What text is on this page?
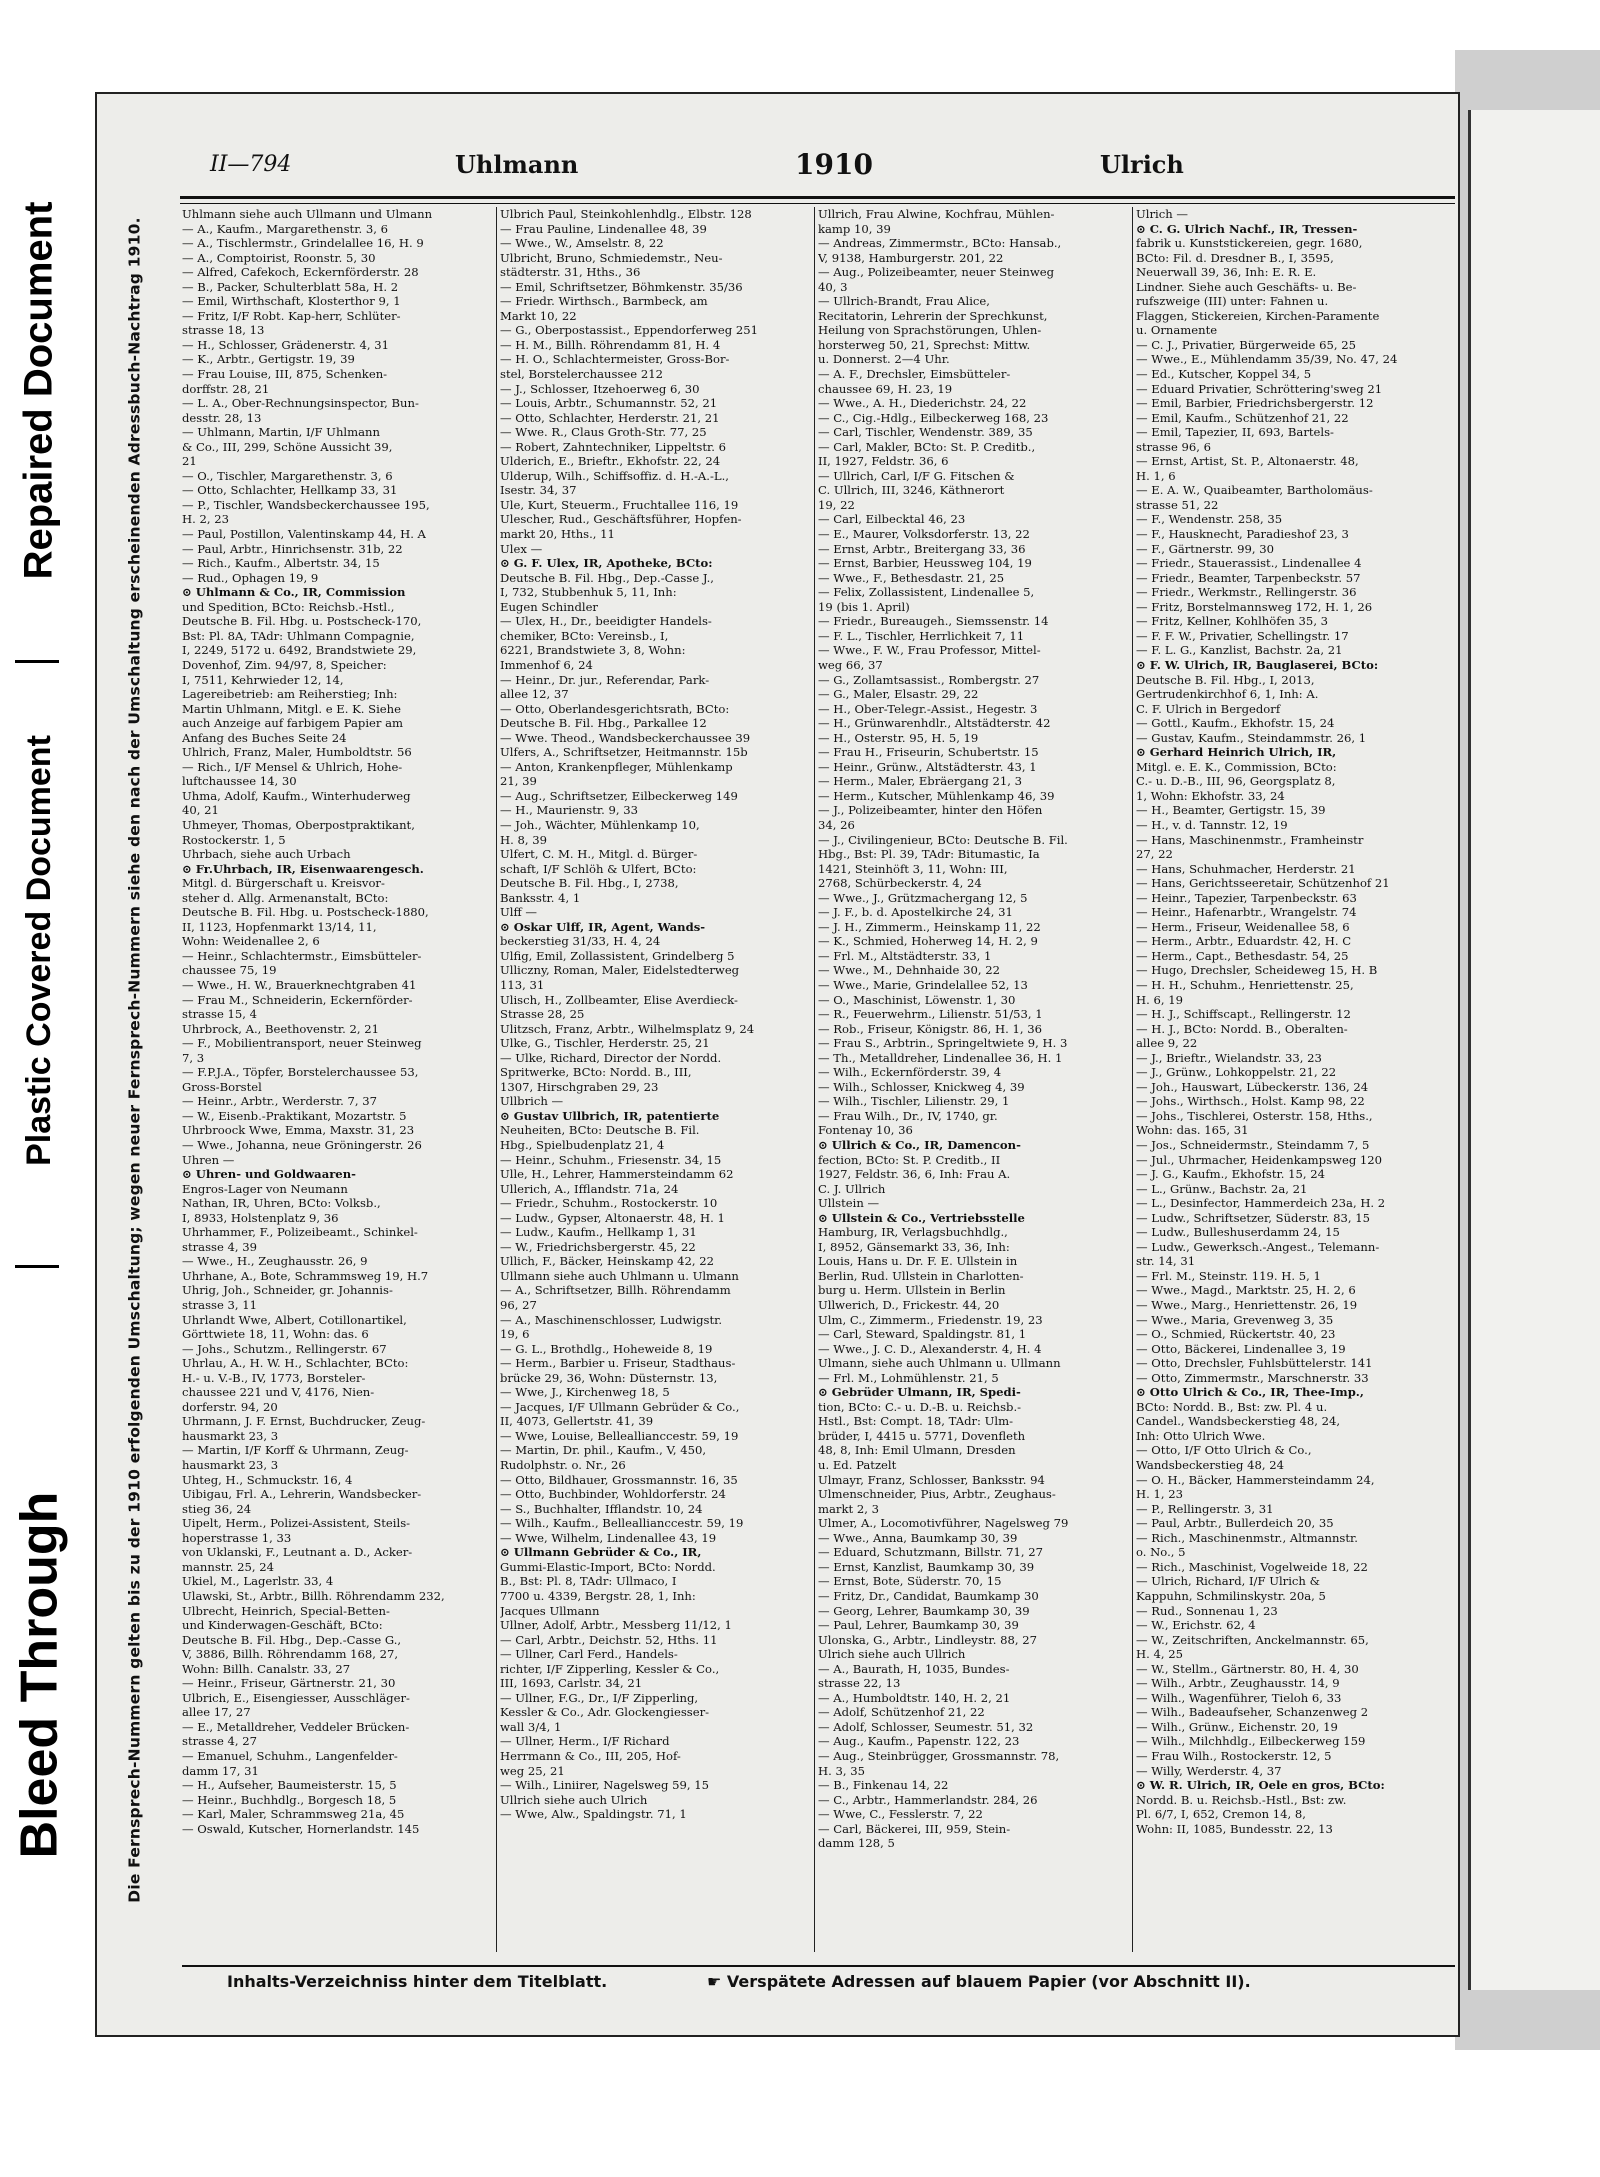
Bleed Through
Plastic Covered Document
Repaired Document
II—794	Uhlmann	1910	Ulrich
Die Fernsprech-Nummern gelten bis zu der 1910 erfolgenden Umschaltung; wegen neuer Fernsprech-Nummern siehe den nach der Umschaltung erscheinenden Adressbuch-Nachtrag 1910.

Uhlmann siehe auch Ullmann und Ulmann

— A., Kaufm., Margarethenstr. 3, 6

— A., Tischlermstr., Grindelallee 16, H. 9

— A., Comptoirist, Roonstr. 5, 30

— Alfred, Cafekoch, Eckernförderstr. 28

— B., Packer, Schulterblatt 58a, H. 2

— Emil, Wirthschaft, Klosterthor 9, 1

— Fritz, I/F Robt. Kap-herr, Schlüter-

strasse 18, 13

— H., Schlosser, Grädenerstr. 4, 31

— K., Arbtr., Gertigstr. 19, 39

— Frau Louise, III, 875, Schenken-

dorffstr. 28, 21

— L. A., Ober-Rechnungsinspector, Bun-

desstr. 28, 13

— Uhlmann, Martin, I/F Uhlmann

& Co., III, 299, Schöne Aussicht 39,

21

— O., Tischler, Margarethenstr. 3, 6

— Otto, Schlachter, Hellkamp 33, 31

— P., Tischler, Wandsbeckerchaussee 195,

H. 2, 23

— Paul, Postillon, Valentinskamp 44, H. A

— Paul, Arbtr., Hinrichsenstr. 31b, 22

— Rich., Kaufm., Albertstr. 34, 15

— Rud., Ophagen 19, 9

⊙ Uhlmann & Co., IR, Commission

und Spedition, BCto: Reichsb.-Hstl.,

Deutsche B. Fil. Hbg. u. Postscheck-170,

Bst: Pl. 8A, TAdr: Uhlmann Compagnie,

I, 2249, 5172 u. 6492, Brandstwiete 29,

Dovenhof, Zim. 94/97, 8, Speicher:

I, 7511, Kehrwieder 12, 14,

Lagereibetrieb: am Reiherstieg; Inh:

Martin Uhlmann, Mitgl. e E. K. Siehe

auch Anzeige auf farbigem Papier am

Anfang des Buches Seite 24

Uhlrich, Franz, Maler, Humboldtstr. 56

— Rich., I/F Mensel & Uhlrich, Hohe-

luftchaussee 14, 30

Uhma, Adolf, Kaufm., Winterhuderweg

40, 21

Uhmeyer, Thomas, Oberpostpraktikant,

Rostockerstr. 1, 5

Uhrbach, siehe auch Urbach

⊙ Fr.Uhrbach, IR, Eisenwaarengesch.

Mitgl. d. Bürgerschaft u. Kreisvor-

steher d. Allg. Armenanstalt, BCto:

Deutsche B. Fil. Hbg. u. Postscheck-1880,

II, 1123, Hopfenmarkt 13/14, 11,

Wohn: Weidenallee 2, 6

— Heinr., Schlachtermstr., Eimsbütteler-

chaussee 75, 19

— Wwe., H. W., Brauerknechtgraben 41

— Frau M., Schneiderin, Eckernförder-

strasse 15, 4

Uhrbrock, A., Beethovenstr. 2, 21

— F., Mobilientransport, neuer Steinweg

7, 3

— F.P.J.A., Töpfer, Borstelerchaussee 53,

Gross-Borstel

— Heinr., Arbtr., Werderstr. 7, 37

— W., Eisenb.-Praktikant, Mozartstr. 5

Uhrbroock Wwe, Emma, Maxstr. 31, 23

— Wwe., Johanna, neue Gröningerstr. 26

Uhren —

⊙ Uhren- und Goldwaaren-

Engros-Lager von Neumann

Nathan, IR, Uhren, BCto: Volksb.,

I, 8933, Holstenplatz 9, 36

Uhrhammer, F., Polizeibeamt., Schinkel-

strasse 4, 39

— Wwe., H., Zeughausstr. 26, 9

Uhrhane, A., Bote, Schrammsweg 19, H.7

Uhrig, Joh., Schneider, gr. Johannis-

strasse 3, 11

Uhrlandt Wwe, Albert, Cotillonartikel,

Görttwiete 18, 11, Wohn: das. 6

— Johs., Schutzm., Rellingerstr. 67

Uhrlau, A., H. W. H., Schlachter, BCto:

H.- u. V.-B., IV, 1773, Borsteler-

chaussee 221 und V, 4176, Nien-

dorferstr. 94, 20

Uhrmann, J. F. Ernst, Buchdrucker, Zeug-

hausmarkt 23, 3

— Martin, I/F Korff & Uhrmann, Zeug-

hausmarkt 23, 3

Uhteg, H., Schmuckstr. 16, 4

Uibigau, Frl. A., Lehrerin, Wandsbecker-

stieg 36, 24

Uipelt, Herm., Polizei-Assistent, Steils-

hoperstrasse 1, 33

von Uklanski, F., Leutnant a. D., Acker-

mannstr. 25, 24

Ukiel, M., Lagerlstr. 33, 4

Ulawski, St., Arbtr., Billh. Röhrendamm 232,

Ulbrecht, Heinrich, Special-Betten-

und Kinderwagen-Geschäft, BCto:

Deutsche B. Fil. Hbg., Dep.-Casse G.,

V, 3886, Billh. Röhrendamm 168, 27,

Wohn: Billh. Canalstr. 33, 27

— Heinr., Friseur, Gärtnerstr. 21, 30

Ulbrich, E., Eisengiesser, Ausschläger-

allee 17, 27

— E., Metalldreher, Veddeler Brücken-

strasse 4, 27

— Emanuel, Schuhm., Langenfelder-

damm 17, 31

— H., Aufseher, Baumeisterstr. 15, 5

— Heinr., Buchhdlg., Borgesch 18, 5

— Karl, Maler, Schrammsweg 21a, 45

— Oswald, Kutscher, Hornerlandstr. 145

Ulbrich Paul, Steinkohlenhdlg., Elbstr. 128

— Frau Pauline, Lindenallee 48, 39

— Wwe., W., Amselstr. 8, 22

Ulbricht, Bruno, Schmiedemstr., Neu-

städterstr. 31, Hths., 36

— Emil, Schriftsetzer, Böhmkenstr. 35/36

— Friedr. Wirthsch., Barmbeck, am

Markt 10, 22

— G., Oberpostassist., Eppendorferweg 251

— H. M., Billh. Röhrendamm 81, H. 4

— H. O., Schlachtermeister, Gross-Bor-

stel, Borstelerchaussee 212

— J., Schlosser, Itzehoerweg 6, 30

— Louis, Arbtr., Schumannstr. 52, 21

— Otto, Schlachter, Herderstr. 21, 21

— Wwe. R., Claus Groth-Str. 77, 25

— Robert, Zahntechniker, Lippeltstr. 6

Ulderich, E., Brieftr., Ekhofstr. 22, 24

Ulderup, Wilh., Schiffsoffiz. d. H.-A.-L.,

Isestr. 34, 37

Ule, Kurt, Steuerm., Fruchtallee 116, 19

Ulescher, Rud., Geschäftsführer, Hopfen-

markt 20, Hths., 11

Ulex —

⊙ G. F. Ulex, IR, Apotheke, BCto:

Deutsche B. Fil. Hbg., Dep.-Casse J.,

I, 732, Stubbenhuk 5, 11, Inh:

Eugen Schindler

— Ulex, H., Dr., beeidigter Handels-

chemiker, BCto: Vereinsb., I,

6221, Brandstwiete 3, 8, Wohn:

Immenhof 6, 24

— Heinr., Dr. jur., Referendar, Park-

allee 12, 37

— Otto, Oberlandesgerichtsrath, BCto:

Deutsche B. Fil. Hbg., Parkallee 12

— Wwe. Theod., Wandsbeckerchaussee 39

Ulfers, A., Schriftsetzer, Heitmannstr. 15b

— Anton, Krankenpfleger, Mühlenkamp

21, 39

— Aug., Schriftsetzer, Eilbeckerweg 149

— H., Maurienstr. 9, 33

— Joh., Wächter, Mühlenkamp 10,

H. 8, 39

Ulfert, C. M. H., Mitgl. d. Bürger-

schaft, I/F Schlöh & Ulfert, BCto:

Deutsche B. Fil. Hbg., I, 2738,

Banksstr. 4, 1

Ulff —

⊙ Oskar Ulff, IR, Agent, Wands-

beckerstieg 31/33, H. 4, 24

Ulfig, Emil, Zollassistent, Grindelberg 5

Ulliczny, Roman, Maler, Eidelstedterweg

113, 31

Ulisch, H., Zollbeamter, Elise Averdieck-

Strasse 28, 25

Ulitzsch, Franz, Arbtr., Wilhelmsplatz 9, 24

Ulke, G., Tischler, Herderstr. 25, 21

— Ulke, Richard, Director der Nordd.

Spritwerke, BCto: Nordd. B., III,

1307, Hirschgraben 29, 23

Ullbrich —

⊙ Gustav Ullbrich, IR, patentierte

Neuheiten, BCto: Deutsche B. Fil.

Hbg., Spielbudenplatz 21, 4

— Heinr., Schuhm., Friesenstr. 34, 15

Ulle, H., Lehrer, Hammersteindamm 62

Ullerich, A., Ifflandstr. 71a, 24

— Friedr., Schuhm., Rostockerstr. 10

— Ludw., Gypser, Altonaerstr. 48, H. 1

— Ludw., Kaufm., Hellkamp 1, 31

— W., Friedrichsbergerstr. 45, 22

Ullich, F., Bäcker, Heinskamp 42, 22

Ullmann siehe auch Uhlmann u. Ulmann

— A., Schriftsetzer, Billh. Röhrendamm

96, 27

— A., Maschinenschlosser, Ludwigstr.

19, 6

— G. L., Brothdlg., Hoheweide 8, 19

— Herm., Barbier u. Friseur, Stadthaus-

brücke 29, 36, Wohn: Düsternstr. 13,

— Wwe, J., Kirchenweg 18, 5

— Jacques, I/F Ullmann Gebrüder & Co.,

II, 4073, Gellertstr. 41, 39

— Wwe, Louise, Belleallianccestr. 59, 19

— Martin, Dr. phil., Kaufm., V, 450,

Rudolphstr. o. Nr., 26

— Otto, Bildhauer, Grossmannstr. 16, 35

— Otto, Buchbinder, Wohldorferstr. 24

— S., Buchhalter, Ifflandstr. 10, 24

— Wilh., Kaufm., Belleallianccestr. 59, 19

— Wwe, Wilhelm, Lindenallee 43, 19

⊙ Ullmann Gebrüder & Co., IR,

Gummi-Elastic-Import, BCto: Nordd.

B., Bst: Pl. 8, TAdr: Ullmaco, I

7700 u. 4339, Bergstr. 28, 1, Inh:

Jacques Ullmann

Ullner, Adolf, Arbtr., Messberg 11/12, 1

— Carl, Arbtr., Deichstr. 52, Hths. 11

— Ullner, Carl Ferd., Handels-

richter, I/F Zipperling, Kessler & Co.,

III, 1693, Carlstr. 34, 21

— Ullner, F.G., Dr., I/F Zipperling,

Kessler & Co., Adr. Glockengiesser-

wall 3/4, 1

— Ullner, Herm., I/F Richard

Herrmann & Co., III, 205, Hof-

weg 25, 21

— Wilh., Liniirer, Nagelsweg 59, 15

Ullrich siehe auch Ulrich

— Wwe, Alw., Spaldingstr. 71, 1

Ullrich, Frau Alwine, Kochfrau, Mühlen-

kamp 10, 39

— Andreas, Zimmermstr., BCto: Hansab.,

V, 9138, Hamburgerstr. 201, 22

— Aug., Polizeibeamter, neuer Steinweg

40, 3

— Ullrich-Brandt, Frau Alice,

Recitatorin, Lehrerin der Sprechkunst,

Heilung von Sprachstörungen, Uhlen-

horsterweg 50, 21, Sprechst: Mittw.

u. Donnerst. 2—4 Uhr.

— A. F., Drechsler, Eimsbütteler-

chaussee 69, H. 23, 19

— Wwe., A. H., Diederichstr. 24, 22

— C., Cig.-Hdlg., Eilbeckerweg 168, 23

— Carl, Tischler, Wendenstr. 389, 35

— Carl, Makler, BCto: St. P. Creditb.,

II, 1927, Feldstr. 36, 6

— Ullrich, Carl, I/F G. Fitschen &

C. Ullrich, III, 3246, Käthnerort

19, 22

— Carl, Eilbecktal 46, 23

— E., Maurer, Volksdorferstr. 13, 22

— Ernst, Arbtr., Breitergang 33, 36

— Ernst, Barbier, Heussweg 104, 19

— Wwe., F., Bethesdastr. 21, 25

— Felix, Zollassistent, Lindenallee 5,

19 (bis 1. April)

— Friedr., Bureaugeh., Siemssenstr. 14

— F. L., Tischler, Herrlichkeit 7, 11

— Wwe., F. W., Frau Professor, Mittel-

weg 66, 37

— G., Zollamtsassist., Rombergstr. 27

— G., Maler, Elsastr. 29, 22

— H., Ober-Telegr.-Assist., Hegestr. 3

— H., Grünwarenhdlr., Altstädterstr. 42

— H., Osterstr. 95, H. 5, 19

— Frau H., Friseurin, Schubertstr. 15

— Heinr., Grünw., Altstädterstr. 43, 1

— Herm., Maler, Ebräergang 21, 3

— Herm., Kutscher, Mühlenkamp 46, 39

— J., Polizeibeamter, hinter den Höfen

34, 26

— J., Civilingenieur, BCto: Deutsche B. Fil.

Hbg., Bst: Pl. 39, TAdr: Bitumastic, Ia

1421, Steinhöft 3, 11, Wohn: III,

2768, Schürbeckerstr. 4, 24

— Wwe., J., Grützmachergang 12, 5

— J. F., b. d. Apostelkirche 24, 31

— J. H., Zimmerm., Heinskamp 11, 22

— K., Schmied, Hoherweg 14, H. 2, 9

— Frl. M., Altstädterstr. 33, 1

— Wwe., M., Dehnhaide 30, 22

— Wwe., Marie, Grindelallee 52, 13

— O., Maschinist, Löwenstr. 1, 30

— R., Feuerwehrm., Lilienstr. 51/53, 1

— Rob., Friseur, Königstr. 86, H. 1, 36

— Frau S., Arbtrin., Springeltwiete 9, H. 3

— Th., Metalldreher, Lindenallee 36, H. 1

— Wilh., Eckernförderstr. 39, 4

— Wilh., Schlosser, Knickweg 4, 39

— Wilh., Tischler, Lilienstr. 29, 1

— Frau Wilh., Dr., IV, 1740, gr.

Fontenay 10, 36

⊙ Ullrich & Co., IR, Damencon-

fection, BCto: St. P. Creditb., II

1927, Feldstr. 36, 6, Inh: Frau A.

C. J. Ullrich

Ullstein —

⊙ Ullstein & Co., Vertriebsstelle

Hamburg, IR, Verlagsbuchhdlg.,

I, 8952, Gänsemarkt 33, 36, Inh:

Louis, Hans u. Dr. F. E. Ullstein in

Berlin, Rud. Ullstein in Charlotten-

burg u. Herm. Ullstein in Berlin

Ullwerich, D., Frickestr. 44, 20

Ulm, C., Zimmerm., Friedenstr. 19, 23

— Carl, Steward, Spaldingstr. 81, 1

— Wwe., J. C. D., Alexanderstr. 4, H. 4

Ulmann, siehe auch Uhlmann u. Ullmann

— Frl. M., Lohmühlenstr. 21, 5

⊙ Gebrüder Ulmann, IR, Spedi-

tion, BCto: C.- u. D.-B. u. Reichsb.-

Hstl., Bst: Compt. 18, TAdr: Ulm-

brüder, I, 4415 u. 5771, Dovenfleth

48, 8, Inh: Emil Ulmann, Dresden

u. Ed. Patzelt

Ulmayr, Franz, Schlosser, Banksstr. 94

Ulmenschneider, Pius, Arbtr., Zeughaus-

markt 2, 3

Ulmer, A., Locomotivführer, Nagelsweg 79

— Wwe., Anna, Baumkamp 30, 39

— Eduard, Schutzmann, Billstr. 71, 27

— Ernst, Kanzlist, Baumkamp 30, 39

— Ernst, Bote, Süderstr. 70, 15

— Fritz, Dr., Candidat, Baumkamp 30

— Georg, Lehrer, Baumkamp 30, 39

— Paul, Lehrer, Baumkamp 30, 39

Ulonska, G., Arbtr., Lindleystr. 88, 27

Ulrich siehe auch Ullrich

— A., Baurath, H, 1035, Bundes-

strasse 22, 13

— A., Humboldtstr. 140, H. 2, 21

— Adolf, Schützenhof 21, 22

— Adolf, Schlosser, Seumestr. 51, 32

— Aug., Kaufm., Papenstr. 122, 23

— Aug., Steinbrügger, Grossmannstr. 78,

H. 3, 35

— B., Finkenau 14, 22

— C., Arbtr., Hammerlandstr. 284, 26

— Wwe, C., Fesslerstr. 7, 22

— Carl, Bäckerei, III, 959, Stein-

damm 128, 5

Ulrich —

⊙ C. G. Ulrich Nachf., IR, Tressen-

fabrik u. Kunststickereien, gegr. 1680,

BCto: Fil. d. Dresdner B., I, 3595,

Neuerwall 39, 36, Inh: E. R. E.

Lindner. Siehe auch Geschäfts- u. Be-

rufszweige (III) unter: Fahnen u.

Flaggen, Stickereien, Kirchen-Paramente

u. Ornamente

— C. J., Privatier, Bürgerweide 65, 25

— Wwe., E., Mühlendamm 35/39, No. 47, 24

— Ed., Kutscher, Koppel 34, 5

— Eduard Privatier, Schröttering'sweg 21

— Emil, Barbier, Friedrichsbergerstr. 12

— Emil, Kaufm., Schützenhof 21, 22

— Emil, Tapezier, II, 693, Bartels-

strasse 96, 6

— Ernst, Artist, St. P., Altonaerstr. 48,

H. 1, 6

— E. A. W., Quaibeamter, Bartholomäus-

strasse 51, 22

— F., Wendenstr. 258, 35

— F., Hausknecht, Paradieshof 23, 3

— F., Gärtnerstr. 99, 30

— Friedr., Stauerassist., Lindenallee 4

— Friedr., Beamter, Tarpenbeckstr. 57

— Friedr., Werkmstr., Rellingerstr. 36

— Fritz, Borstelmannsweg 172, H. 1, 26

— Fritz, Kellner, Kohlhöfen 35, 3

— F. F. W., Privatier, Schellingstr. 17

— F. L. G., Kanzlist, Bachstr. 2a, 21

⊙ F. W. Ulrich, IR, Bauglaserei, BCto:

Deutsche B. Fil. Hbg., I, 2013,

Gertrudenkirchhof 6, 1, Inh: A.

C. F. Ulrich in Bergedorf

— Gottl., Kaufm., Ekhofstr. 15, 24

— Gustav, Kaufm., Steindammstr. 26, 1

⊙ Gerhard Heinrich Ulrich, IR,

Mitgl. e. E. K., Commission, BCto:

C.- u. D.-B., III, 96, Georgsplatz 8,

1, Wohn: Ekhofstr. 33, 24

— H., Beamter, Gertigstr. 15, 39

— H., v. d. Tannstr. 12, 19

— Hans, Maschinenmstr., Framheinstr

27, 22

— Hans, Schuhmacher, Herderstr. 21

— Hans, Gerichtsseeretair, Schützenhof 21

— Heinr., Tapezier, Tarpenbeckstr. 63

— Heinr., Hafenarbtr., Wrangelstr. 74

— Herm., Friseur, Weidenallee 58, 6

— Herm., Arbtr., Eduardstr. 42, H. C

— Herm., Capt., Bethesdastr. 54, 25

— Hugo, Drechsler, Scheideweg 15, H. B

— H. H., Schuhm., Henriettenstr. 25,

H. 6, 19

— H. J., Schiffscapt., Rellingerstr. 12

— H. J., BCto: Nordd. B., Oberalten-

allee 9, 22

— J., Brieftr., Wielandstr. 33, 23

— J., Grünw., Lohkoppelstr. 21, 22

— Joh., Hauswart, Lübeckerstr. 136, 24

— Johs., Wirthsch., Holst. Kamp 98, 22

— Johs., Tischlerei, Osterstr. 158, Hths.,

Wohn: das. 165, 31

— Jos., Schneidermstr., Steindamm 7, 5

— Jul., Uhrmacher, Heidenkampsweg 120

— J. G., Kaufm., Ekhofstr. 15, 24

— L., Grünw., Bachstr. 2a, 21

— L., Desinfector, Hammerdeich 23a, H. 2

— Ludw., Schriftsetzer, Süderstr. 83, 15

— Ludw., Bulleshuserdamm 24, 15

— Ludw., Gewerksch.-Angest., Telemann-

str. 14, 31

— Frl. M., Steinstr. 119. H. 5, 1

— Wwe., Magd., Marktstr. 25, H. 2, 6

— Wwe., Marg., Henriettenstr. 26, 19

— Wwe., Maria, Grevenweg 3, 35

— O., Schmied, Rückertstr. 40, 23

— Otto, Bäckerei, Lindenallee 3, 19

— Otto, Drechsler, Fuhlsbüttelerstr. 141

— Otto, Zimmermstr., Marschnerstr. 33

⊙ Otto Ulrich & Co., IR, Thee-Imp.,

BCto: Nordd. B., Bst: zw. Pl. 4 u.

Candel., Wandsbeckerstieg 48, 24,

Inh: Otto Ulrich Wwe.

— Otto, I/F Otto Ulrich & Co.,

Wandsbeckerstieg 48, 24

— O. H., Bäcker, Hammersteindamm 24,

H. 1, 23

— P., Rellingerstr. 3, 31

— Paul, Arbtr., Bullerdeich 20, 35

— Rich., Maschinenmstr., Altmannstr.

o. No., 5

— Rich., Maschinist, Vogelweide 18, 22

— Ulrich, Richard, I/F Ulrich &

Kappuhn, Schmilinskystr. 20a, 5

— Rud., Sonnenau 1, 23

— W., Erichstr. 62, 4

— W., Zeitschriften, Anckelmannstr. 65,

H. 4, 25

— W., Stellm., Gärtnerstr. 80, H. 4, 30

— Wilh., Arbtr., Zeughausstr. 14, 9

— Wilh., Wagenführer, Tieloh 6, 33

— Wilh., Badeaufseher, Schanzenweg 2

— Wilh., Grünw., Eichenstr. 20, 19

— Wilh., Milchhdlg., Eilbeckerweg 159

— Frau Wilh., Rostockerstr. 12, 5

— Willy, Werderstr. 4, 37

⊙ W. R. Ulrich, IR, Oele en gros, BCto:

Nordd. B. u. Reichsb.-Hstl., Bst: zw.

Pl. 6/7, I, 652, Cremon 14, 8,

Wohn: II, 1085, Bundesstr. 22, 13

Inhalts-Verzeichniss hinter dem Titelblatt.	☛ Verspätete Adressen auf blauem Papier (vor Abschnitt II).
